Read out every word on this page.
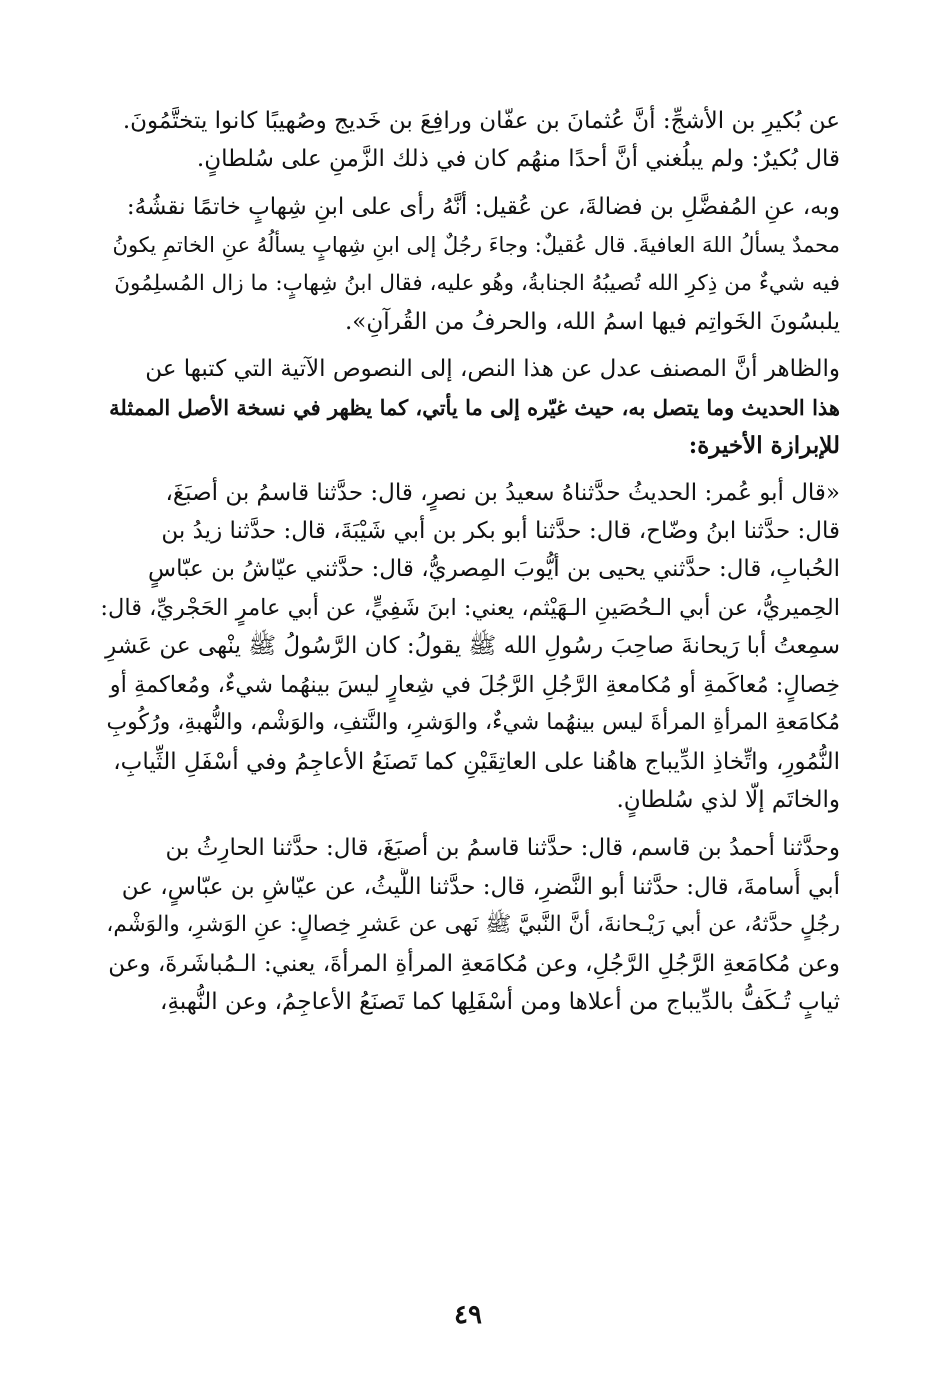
عن بُكيرِ بن الأشجِّ: أنَّ عُثمانَ بن عفّان ورافِعَ بن خَديج وصُهيبًا كانوا يتختَّمُونَ.
قال بُكيرٌ: ولم يبلُغني أنَّ أحدًا منهُم كان في ذلك الزَّمنِ على سُلطانٍ.

وبه، عنِ المُفضَّلِ بن فضالةَ، عن عُقيل: أنَّهُ رأى على ابنِ شِهابٍ خاتمًا نقشُهُ:
محمدٌ يسألُ اللهَ العافيةَ. قال عُقيلٌ: وجاءَ رجُلٌ إلى ابنِ شِهابٍ يسألُهُ عنِ الخاتمِ يكونُ
فيه شيءٌ من ذِكرِ الله تُصيبُهُ الجنابةُ، وهُو عليه، فقال ابنُ شِهابٍ: ما زال المُسلِمُونَ
يلبسُونَ الخَواتِم فيها اسمُ الله، والحرفُ من القُرآنِ».

والظاهر أنَّ المصنف عدل عن هذا النص، إلى النصوص الآتية التي كتبها عن
هذا الحديث وما يتصل به، حيث غيّره إلى ما يأتي، كما يظهر في نسخة الأصل الممثلة
للإبرازة الأخيرة:

«قال أبو عُمر: الحديثُ حدَّثناهُ سعيدُ بن نصرٍ، قال: حدَّثنا قاسمُ بن أصبَغَ،
قال: حدَّثنا ابنُ وضّاح، قال: حدَّثنا أبو بكر بن أبي شَيْبَةَ، قال: حدَّثنا زيدُ بن
الحُبابِ، قال: حدَّثني يحيى بن أيُّوبَ المِصريُّ، قال: حدَّثني عيّاشُ بن عبّاسٍ
الحِميريُّ، عن أبي الـحُصَينِ الـهَيْثم، يعني: ابنَ شَفِيٍّ، عن أبي عامرٍ الحَجْريِّ، قال:
سمِعتُ أبا رَيحانةَ صاحِبَ رسُولِ الله ﷺ يقولُ: كان الرَّسُولُ ﷺ ينْهى عن عَشرِ
خِصالٍ: مُعاكَمةِ أو مُكامعةِ الرَّجُلِ الرَّجُلَ في شِعارٍ ليسَ بينهُما شيءٌ، ومُعاكمةِ أو
مُكامَعةِ المرأةِ المرأةَ ليس بينهُما شيءٌ، والوَشرِ، والنَّتفِ، والوَشْم، والنُّهبةِ، ورُكُوبِ
النُّمُورِ، واتِّخاذِ الدِّيباج هاهُنا على العاتِقَيْنِ كما تَصنَعُ الأعاجِمُ وفي أسْفَلِ الثِّيابِ،
والخاتَم إلّا لذي سُلطانٍ.

وحدَّثنا أحمدُ بن قاسم، قال: حدَّثنا قاسمُ بن أصبَغَ، قال: حدَّثنا الحارِثُ بن
أبي أُسامةَ، قال: حدَّثنا أبو النَّضرِ، قال: حدَّثنا اللَّيثُ، عن عيّاشِ بن عبّاسٍ، عن
رجُلٍ حدَّثهُ، عن أبي رَيْـحانةَ، أنَّ النَّبيَّ ﷺ نَهى عن عَشرِ خِصالٍ: عنِ الوَشرِ، والوَشْم،
وعن مُكامَعةِ الرَّجُلِ الرَّجُلِ، وعن مُكامَعةِ المرأةِ المرأةَ، يعني: الـمُباشَرةَ، وعن
ثيابٍ تُـكَفُّ بالدِّيباج من أعلاها ومن أسْفَلِها كما تَصنَعُ الأعاجِمُ، وعن النُّهبةِ،

٤٩
